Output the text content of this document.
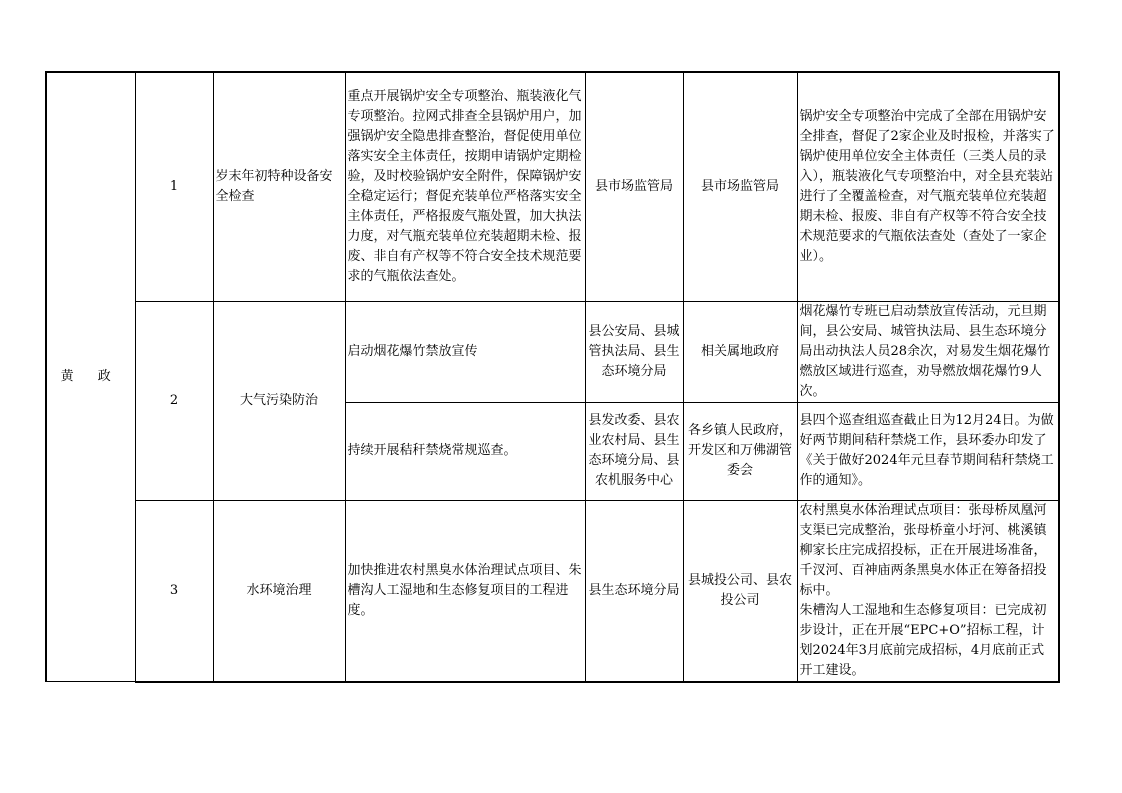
黄 政	1	岁末年初特种设备安全检查	重点开展锅炉安全专项整治、瓶装液化气专项整治。拉网式排查全县锅炉用户，加强锅炉安全隐患排查整治，督促使用单位落实安全主体责任，按期申请锅炉定期检验，及时校验锅炉安全附件，保障锅炉安全稳定运行；督促充装单位严格落实安全主体责任，严格报废气瓶处置，加大执法力度，对气瓶充装单位充装超期未检、报废、非自有产权等不符合安全技术规范要求的气瓶依法查处。	县市场监管局	县市场监管局	锅炉安全专项整治中完成了全部在用锅炉安全排查，督促了2家企业及时报检，并落实了锅炉使用单位安全主体责任（三类人员的录入），瓶装液化气专项整治中，对全县充装站进行了全覆盖检查，对气瓶充装单位充装超期未检、报废、非自有产权等不符合安全技术规范要求的气瓶依法查处（查处了一家企业）。
	2	大气污染防治	启动烟花爆竹禁放宣传	县公安局、县城管执法局、县生态环境分局	相关属地政府	烟花爆竹专班已启动禁放宣传活动，元旦期间，县公安局、城管执法局、县生态环境分局出动执法人员28余次，对易发生烟花爆竹燃放区域进行巡查，劝导燃放烟花爆竹9人次。
			持续开展秸秆禁烧常规巡查。	县发改委、县农业农村局、县生态环境分局、县农机服务中心	各乡镇人民政府，开发区和万佛湖管委会	县四个巡查组巡查截止日为12月24日。为做好两节期间秸秆禁烧工作，县环委办印发了《关于做好2024年元旦春节期间秸秆禁烧工作的通知》。
	3	水环境治理	加快推进农村黑臭水体治理试点项目、朱槽沟人工湿地和生态修复项目的工程进度。	县生态环境分局	县城投公司、县农投公司	农村黑臭水体治理试点项目：张母桥凤凰河支渠已完成整治，张母桥童小圩河、桃溪镇柳家长庄完成招投标，正在开展进场准备，千汊河、百神庙两条黑臭水体正在筹备招投标中。
朱槽沟人工湿地和生态修复项目：已完成初步设计，正在开展“EPC+O”招标工程，计划2024年3月底前完成招标，4月底前正式开工建设。
